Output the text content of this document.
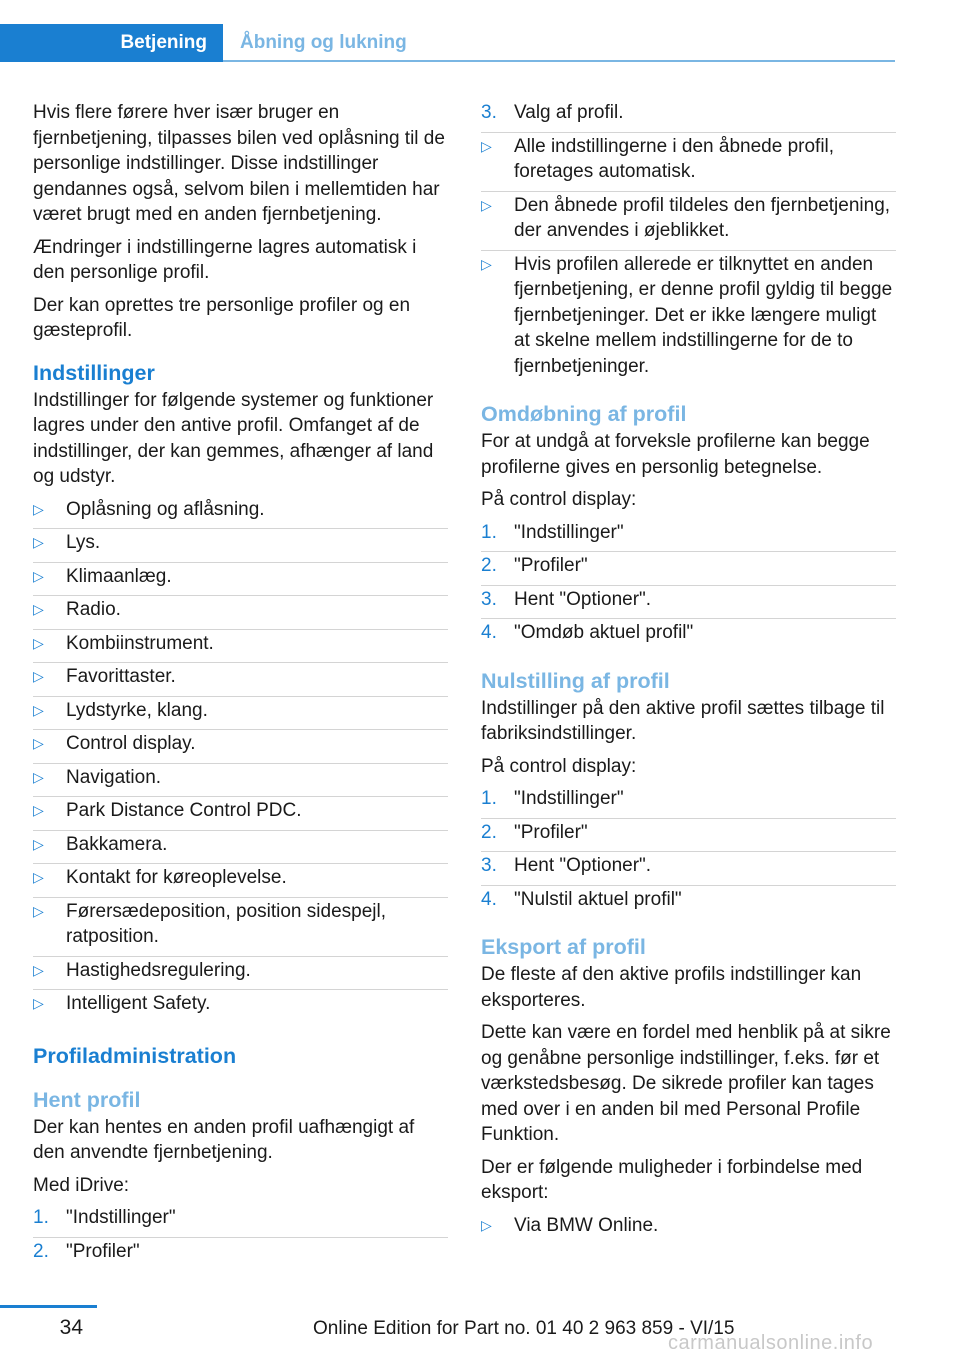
Betjening	Åbning og lukning

Hvis flere førere hver især bruger en fjernbetjening, tilpasses bilen ved oplåsning til de personlige indstillinger. Disse indstillinger gendannes også, selvom bilen i mellemtiden har været brugt med en anden fjernbetjening.

Ændringer i indstillingerne lagres automatisk i den personlige profil.

Der kan oprettes tre personlige profiler og en gæsteprofil.

Indstillinger

Indstillinger for følgende systemer og funktioner lagres under den antive profil. Omfanget af de indstillinger, der kan gemmes, afhænger af land og udstyr.

▷ Oplåsning og aflåsning.
▷ Lys.
▷ Klimaanlæg.
▷ Radio.
▷ Kombiinstrument.
▷ Favorittaster.
▷ Lydstyrke, klang.
▷ Control display.
▷ Navigation.
▷ Park Distance Control PDC.
▷ Bakkamera.
▷ Kontakt for køreoplevelse.
▷ Førersædeposition, position sidespejl, ratposition.
▷ Hastighedsregulering.
▷ Intelligent Safety.
Profiladministration
Hent profil

Der kan hentes en anden profil uafhængigt af den anvendte fjernbetjening.

Med iDrive:

1. "Indstillinger"
2. "Profiler"
3. Valg af profil.
▷ Alle indstillingerne i den åbnede profil, foretages automatisk.
▷ Den åbnede profil tildeles den fjernbetjening, der anvendes i øjeblikket.
▷ Hvis profilen allerede er tilknyttet en anden fjernbetjening, er denne profil gyldig til begge fjernbetjeninger. Det er ikke længere muligt at skelne mellem indstillingerne for de to fjernbetjeninger.
Omdøbning af profil

For at undgå at forveksle profilerne kan begge profilerne gives en personlig betegnelse.

På control display:

1. "Indstillinger"
2. "Profiler"
3. Hent "Optioner".
4. "Omdøb aktuel profil"
Nulstilling af profil

Indstillinger på den aktive profil sættes tilbage til fabriksindstillinger.

På control display:

1. "Indstillinger"
2. "Profiler"
3. Hent "Optioner".
4. "Nulstil aktuel profil"
Eksport af profil

De fleste af den aktive profils indstillinger kan eksporteres.

Dette kan være en fordel med henblik på at sikre og genåbne personlige indstillinger, f.eks. før et værkstedsbesøg. De sikrede profiler kan tages med over i en anden bil med Personal Profile Funktion.

Der er følgende muligheder i forbindelse med eksport:

▷ Via BMW Online.
34	Online Edition for Part no. 01 40 2 963 859 - VI/15
carmanualsonline.info
